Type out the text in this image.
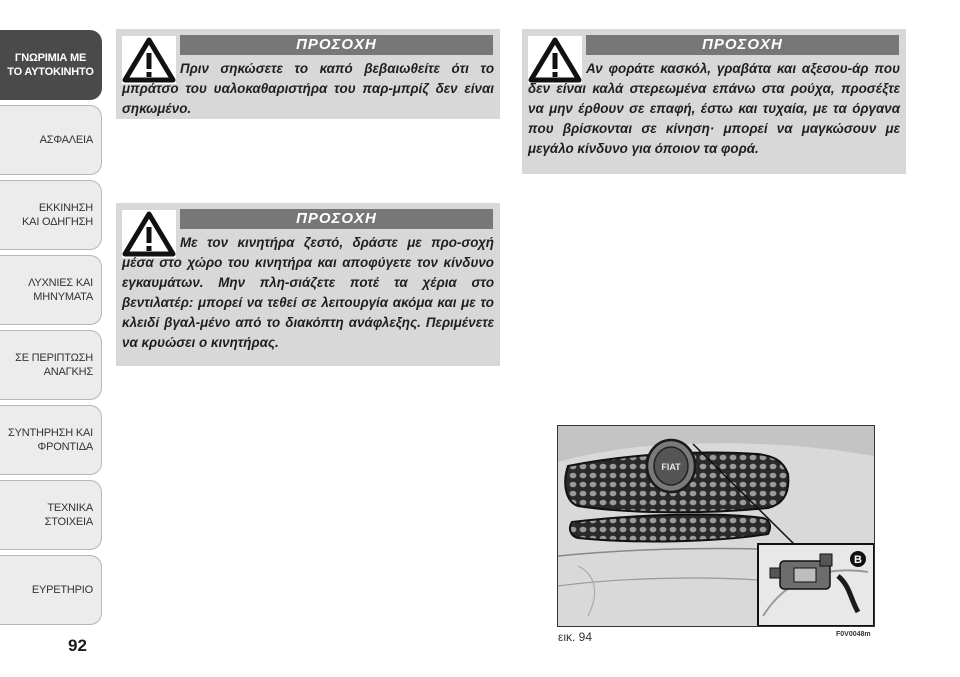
ΓΝΩΡΙΜΙΑ ΜΕ
ΤΟ ΑΥΤΟΚΙΝΗΤΟ
ΑΣΦΑΛΕΙΑ
ΕΚΚΙΝΗΣΗ
ΚΑΙ ΟΔΗΓΗΣΗ
ΛΥΧΝΙΕΣ ΚΑΙ
ΜΗΝΥΜΑΤΑ
ΣΕ ΠΕΡΙΠΤΩΣΗ
ΑΝΑΓΚΗΣ
ΣΥΝΤΗΡΗΣΗ ΚΑΙ
ΦΡΟΝΤΙΔΑ
ΤΕΧΝΙΚΑ
ΣΤΟΙΧΕΙΑ
ΕΥΡΕΤΗΡΙΟ
92
ΠΡΟΣΟΧΗ
Πριν σηκώσετε το καπό βεβαιωθείτε ότι το μπράτσο του υαλοκαθαριστήρα του παρ-μπρίζ δεν είναι σηκωμένο.
ΠΡΟΣΟΧΗ
Με τον κινητήρα ζεστό, δράστε με προ-σοχή μέσα στο χώρο του κινητήρα και αποφύγετε τον κίνδυνο εγκαυμάτων. Μην πλη-σιάζετε ποτέ τα χέρια στο βεντιλατέρ: μπορεί να τεθεί σε λειτουργία ακόμα και με το κλειδί βγαλ-μένο από το διακόπτη ανάφλεξης. Περιμένετε να κρυώσει ο κινητήρας.
ΠΡΟΣΟΧΗ
Αν φοράτε κασκόλ, γραβάτα και αξεσου-άρ που δεν είναι καλά στερεωμένα επάνω στα ρούχα, προσέξτε να μην έρθουν σε επαφή, έστω και τυχαία, με τα όργανα που βρίσκονται σε κίνηση· μπορεί να μαγκώσουν με μεγάλο κίνδυνο για όποιον τα φορά.
FIAT
B
εικ. 94	F0V0048m
